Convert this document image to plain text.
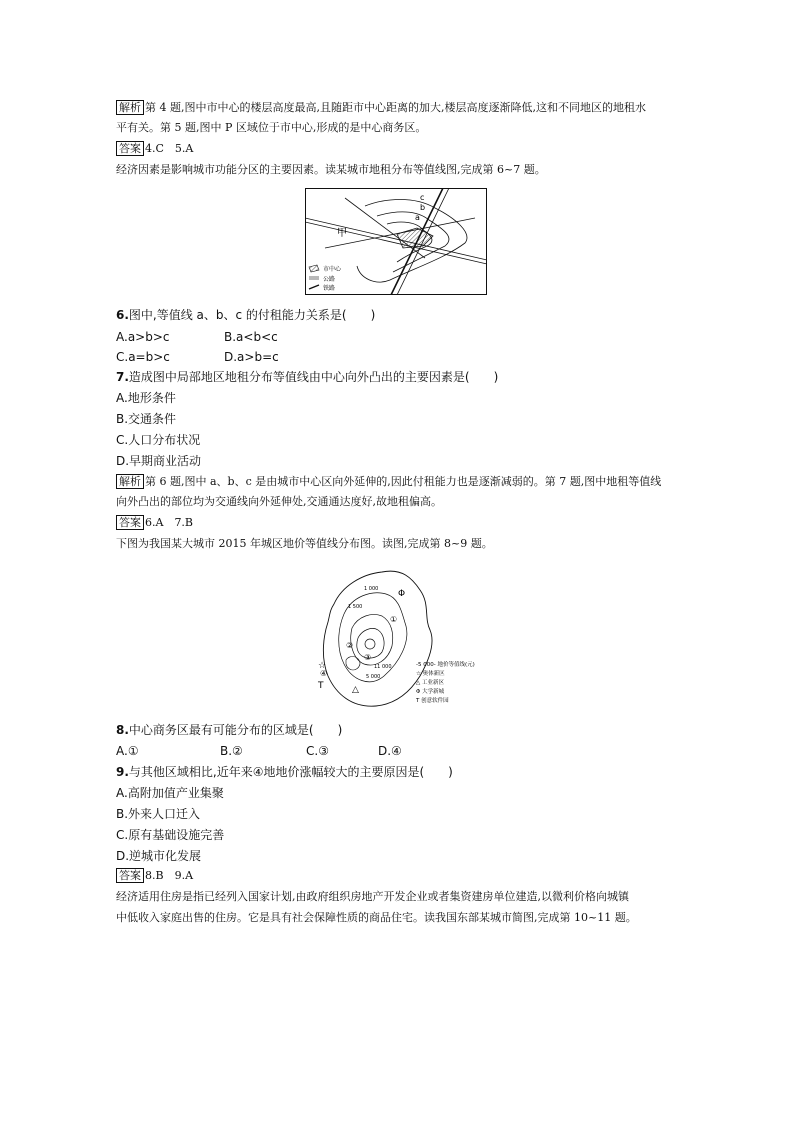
解析 第 4 题,图中市中心的楼层高度最高,且随距市中心距离的加大,楼层高度逐渐降低,这和不同地区的地租水
平有关。第 5 题,图中 P 区域位于市中心,形成的是中心商务区。
答案 4.C　5.A
经济因素是影响城市功能分区的主要因素。读某城市地租分布等值线图,完成第 6~7 题。
c
b
a
甲
市中心
公路
铁路
6.图中,等值线 a、b、c 的付租能力关系是(　　)
A.a>b>c	B.a<b<c
C.a=b>c	D.a>b=c
7.造成图中局部地区地租分布等值线由中心向外凸出的主要因素是(　　)
A.地形条件
B.交通条件
C.人口分布状况
D.早期商业活动
解析 第 6 题,图中 a、b、c 是由城市中心区向外延伸的,因此付租能力也是逐渐减弱的。第 7 题,图中地租等值线
向外凸出的部位均为交通线向外延伸处,交通通达度好,故地租偏高。
答案 6.A　7.B
下图为我国某大城市 2015 年城区地价等值线分布图。读图,完成第 8~9 题。
1 000
1 500
11 000
5 000
①
②
③
④
Φ
☆
T	△
-5 000- 地价等值线(元)
☆ 奥体新区
△ 工业新区
Φ 大学新城
T 创意软件园
8.中心商务区最有可能分布的区域是(　　)
A.①	B.②	C.③	D.④
9.与其他区域相比,近年来④地地价涨幅较大的主要原因是(　　)
A.高附加值产业集聚
B.外来人口迁入
C.原有基础设施完善
D.逆城市化发展
答案 8.B　9.A
经济适用住房是指已经列入国家计划,由政府组织房地产开发企业或者集资建房单位建造,以微利价格向城镇
中低收入家庭出售的住房。它是具有社会保障性质的商品住宅。读我国东部某城市简图,完成第 10~11 题。
